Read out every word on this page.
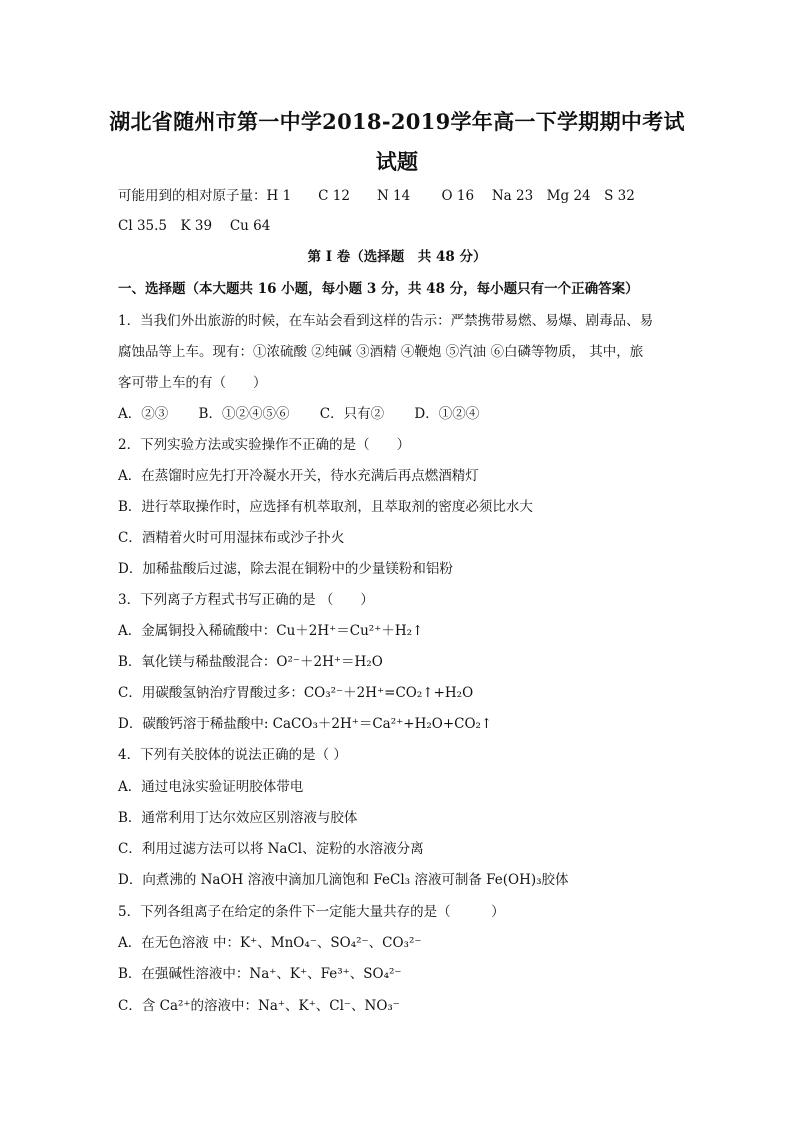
湖北省随州市第一中学2018-2019学年高一下学期期中考试
试题
可能用到的相对原子量：H 1　　C 12　　N 14　　 O 16　 Na 23　Mg 24　S 32
Cl 35.5　K 39　 Cu 64
第 I 卷（选择题　共 48 分）
一、选择题（本大题共 16 小题，每小题 3 分，共 48 分，每小题只有一个正确答案）
1．当我们外出旅游的时候，在车站会看到这样的告示：严禁携带易燃、易爆、剧毒品、易
腐蚀品等上车。现有：①浓硫酸 ②纯碱 ③酒精 ④鞭炮 ⑤汽油 ⑥白磷等物质， 其中，旅
客可带上车的有（　　）
A．②③ B．①②④⑤⑥ C．只有② D．①②④
2．下列实验方法或实验操作不正确的是（　　）
A．在蒸馏时应先打开冷凝水开关，待水充满后再点燃酒精灯
B．进行萃取操作时，应选择有机萃取剂，且萃取剂的密度必须比水大
C．酒精着火时可用湿抹布或沙子扑火
D．加稀盐酸后过滤，除去混在铜粉中的少量镁粉和铝粉
3．下列离子方程式书写正确的是 （　　）
A．金属铜投入稀硫酸中：Cu＋2H⁺＝Cu²⁺＋H₂↑
B．氧化镁与稀盐酸混合：O²⁻＋2H⁺＝H₂O
C．用碳酸氢钠治疗胃酸过多：CO₃²⁻＋2H⁺=CO₂↑+H₂O
D．碳酸钙溶于稀盐酸中: CaCO₃＋2H⁺＝Ca²⁺+H₂O+CO₂↑
4．下列有关胶体的说法正确的是（ ）
A．通过电泳实验证明胶体带电
B．通常利用丁达尔效应区别溶液与胶体
C．利用过滤方法可以将 NaCl、淀粉的水溶液分离
D．向煮沸的 NaOH 溶液中滴加几滴饱和 FeCl₃ 溶液可制备 Fe(OH)₃胶体
5．下列各组离子在给定的条件下一定能大量共存的是（　　　）
A．在无色溶液 中：K⁺、MnO₄⁻、SO₄²⁻、CO₃²⁻
B．在强碱性溶液中：Na⁺、K⁺、Fe³⁺、SO₄²⁻
C．含 Ca²⁺的溶液中：Na⁺、K⁺、Cl⁻、NO₃⁻
